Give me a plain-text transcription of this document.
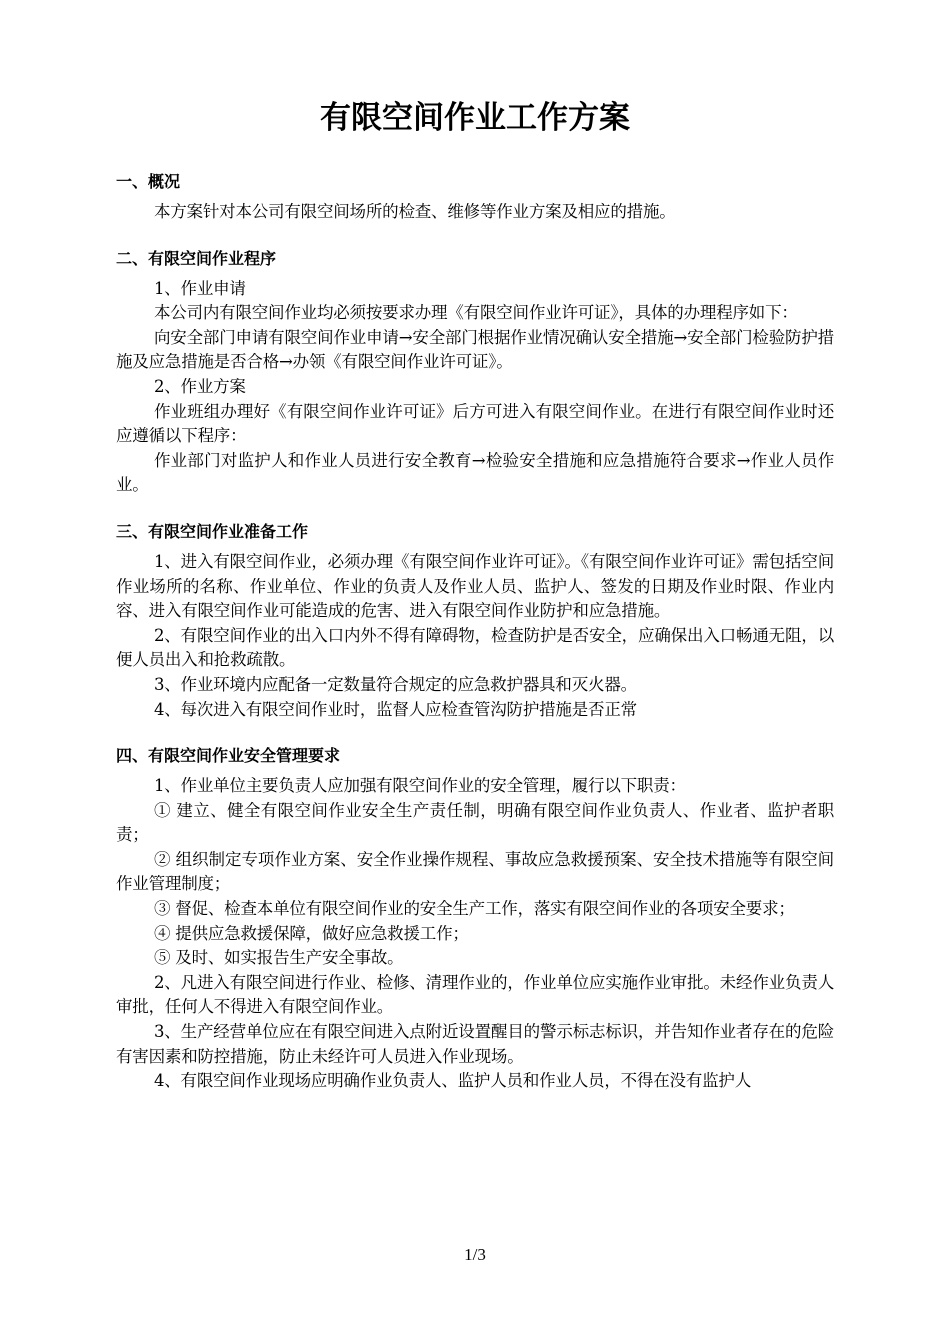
有限空间作业工作方案
一、概况

本方案针对本公司有限空间场所的检查、维修等作业方案及相应的措施。

二、有限空间作业程序

1、作业申请

本公司内有限空间作业均必须按要求办理《有限空间作业许可证》，具体的办理程序如下：

向安全部门申请有限空间作业申请→安全部门根据作业情况确认安全措施→安全部门检验防护措施及应急措施是否合格→办领《有限空间作业许可证》。

2、作业方案

作业班组办理好《有限空间作业许可证》后方可进入有限空间作业。在进行有限空间作业时还应遵循以下程序：

作业部门对监护人和作业人员进行安全教育→检验安全措施和应急措施符合要求→作业人员作业。

三、有限空间作业准备工作

1、进入有限空间作业，必须办理《有限空间作业许可证》。《有限空间作业许可证》需包括空间作业场所的名称、作业单位、作业的负责人及作业人员、监护人、签发的日期及作业时限、作业内容、进入有限空间作业可能造成的危害、进入有限空间作业防护和应急措施。

2、有限空间作业的出入口内外不得有障碍物，检查防护是否安全，应确保出入口畅通无阻，以便人员出入和抢救疏散。

3、作业环境内应配备一定数量符合规定的应急救护器具和灭火器。

4、每次进入有限空间作业时，监督人应检查管沟防护措施是否正常

四、有限空间作业安全管理要求

1、作业单位主要负责人应加强有限空间作业的安全管理，履行以下职责：

① 建立、健全有限空间作业安全生产责任制，明确有限空间作业负责人、作业者、监护者职责；

② 组织制定专项作业方案、安全作业操作规程、事故应急救援预案、安全技术措施等有限空间作业管理制度；

③ 督促、检查本单位有限空间作业的安全生产工作，落实有限空间作业的各项安全要求；

④ 提供应急救援保障，做好应急救援工作；

⑤ 及时、如实报告生产安全事故。

2、凡进入有限空间进行作业、检修、清理作业的，作业单位应实施作业审批。未经作业负责人审批，任何人不得进入有限空间作业。

3、生产经营单位应在有限空间进入点附近设置醒目的警示标志标识，并告知作业者存在的危险有害因素和防控措施，防止未经许可人员进入作业现场。

4、有限空间作业现场应明确作业负责人、监护人员和作业人员，不得在没有监护人

1/3
